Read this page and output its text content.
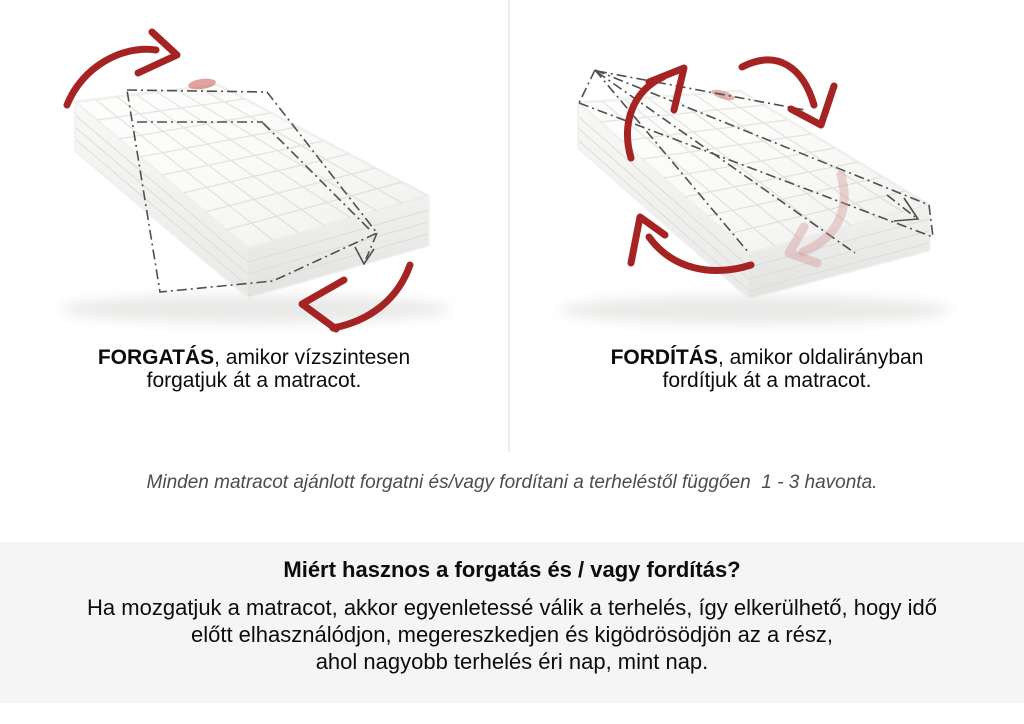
FORGATÁS, amikor vízszintesen
forgatjuk át a matracot.

FORDÍTÁS, amikor oldalirányban
fordítjuk át a matracot.

Minden matracot ajánlott forgatni és/vagy fordítani a terheléstől függően  1 - 3 havonta.

Miért hasznos a forgatás és / vagy fordítás?

Ha mozgatjuk a matracot, akkor egyenletessé válik a terhelés, így elkerülhető, hogy idő
előtt elhasználódjon, megereszkedjen és kigödrösödjön az a rész,
ahol nagyobb terhelés éri nap, mint nap.
